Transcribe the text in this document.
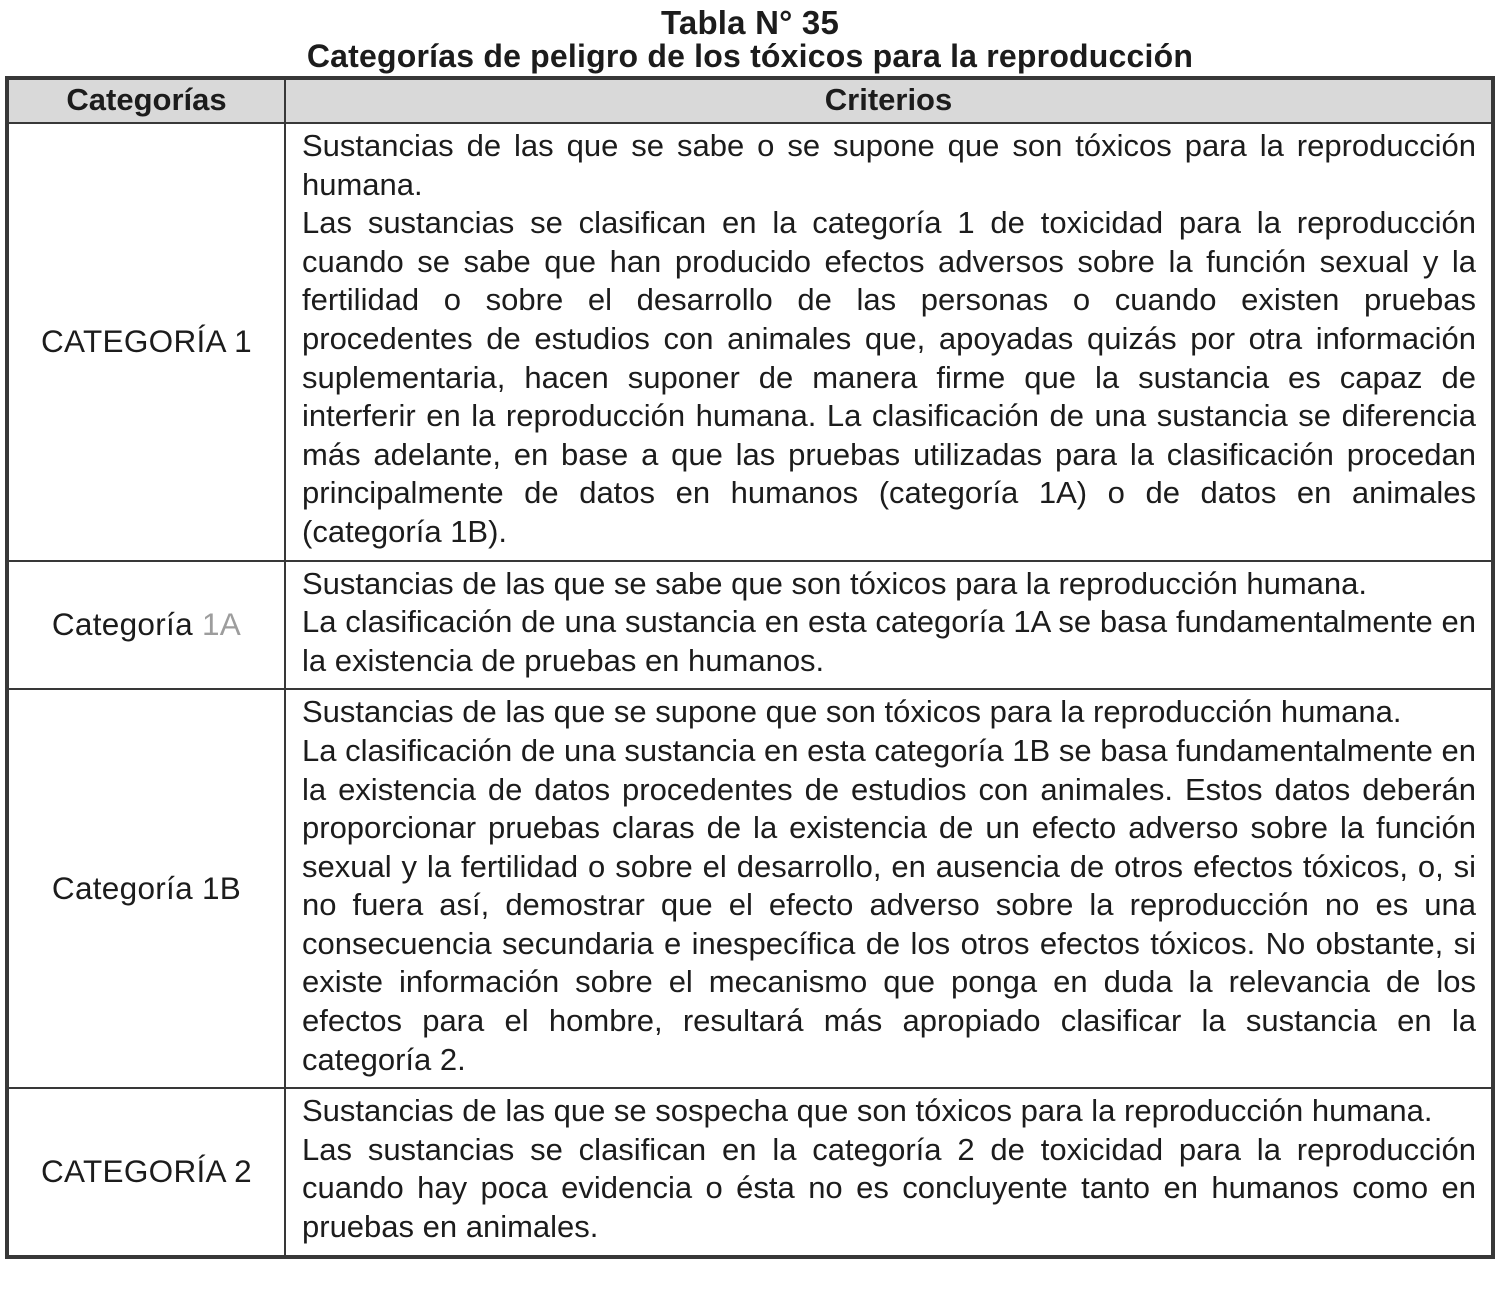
Tabla N° 35
Categorías de peligro de los tóxicos para la reproducción
Categorías	Criterios
CATEGORÍA 1	Sustancias de las que se sabe o se supone que son tóxicos para la reproducción humana.

Las sustancias se clasifican en la categoría 1 de toxicidad para la reproducción cuando se sabe que han producido efectos adversos sobre la función sexual y la fertilidad o sobre el desarrollo de las personas o cuando existen pruebas procedentes de estudios con animales que, apoyadas quizás por otra información suplementaria, hacen suponer de manera firme que la sustancia es capaz de interferir en la reproducción humana. La clasificación de una sustancia se diferencia más adelante, en base a que las pruebas utilizadas para la clasificación procedan principalmente de datos en humanos (categoría 1A) o de datos en animales (categoría 1B).

Categoría 1A	Sustancias de las que se sabe que son tóxicos para la reproducción humana.

La clasificación de una sustancia en esta categoría 1A se basa fundamentalmente en la existencia de pruebas en humanos.

Categoría 1B	Sustancias de las que se supone que son tóxicos para la reproducción humana.

La clasificación de una sustancia en esta categoría 1B se basa fundamentalmente en la existencia de datos procedentes de estudios con animales. Estos datos deberán proporcionar pruebas claras de la existencia de un efecto adverso sobre la función sexual y la fertilidad o sobre el desarrollo, en ausencia de otros efectos tóxicos, o, si no fuera así, demostrar que el efecto adverso sobre la reproducción no es una consecuencia secundaria e inespecífica de los otros efectos tóxicos. No obstante, si existe información sobre el mecanismo que ponga en duda la relevancia de los efectos para el hombre, resultará más apropiado clasificar la sustancia en la categoría 2.

CATEGORÍA 2	Sustancias de las que se sospecha que son tóxicos para la reproducción humana.

Las sustancias se clasifican en la categoría 2 de toxicidad para la reproducción cuando hay poca evidencia o ésta no es concluyente tanto en humanos como en pruebas en animales.
